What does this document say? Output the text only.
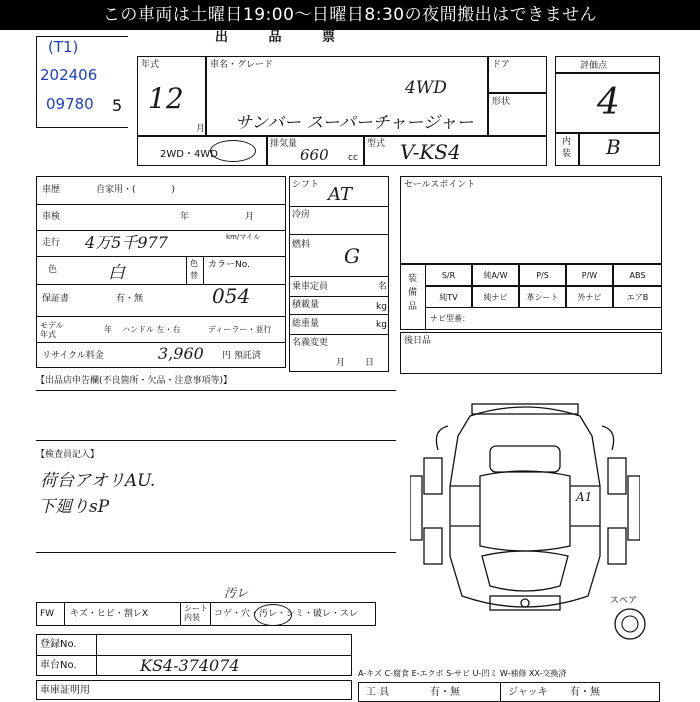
この車両は土曜日19:00～日曜日8:30の夜間搬出はできません
出 品 票
(T1)
202406
09780 5
年式
12
月
車名・グレード
4WD
サンバー スーパーチャージャー
ドア
形状
評価点
4
内装 B
2WD・4WD
排気量
660 cc
型式 V-KS4
車歴	自家用・(　　　　)
車検	年	月
走行 4万5千977	km/マイル
色	白	色替
カラーNo.
保証書	有・無	054
モデル年式
年 ハンドル 左・右	ディーラー・並行
リサイクル料金	3,960 円 預託済
シフト AT
冷房
燃料 G
乗車定員	名
積載量	kg
総重量	kg
名義変更
月日
セールスポイント
装備品
S/R	純A/W	P/S	P/W	ABS
純TV	純ナビ	革シート	外ナビ	エアB
ナビ型番：
後日品
【出品店申告欄(不良箇所・欠品・注意事項等)】
【検査員記入】
荷台アオリAU.
下廻りsP	A1
スペア
FW キズ・ヒビ・割レX
シート内装	コゲ・穴・汚レ・シミ・破レ・スレ
汚レ
登録No.
車台No.	KS4-374074
車庫証明用
A-キズ C-腐食 E-エクボ S-サビ U-凹ミ W-補修 XX-交換済
工 具	有・無	ジャッキ 有・無
